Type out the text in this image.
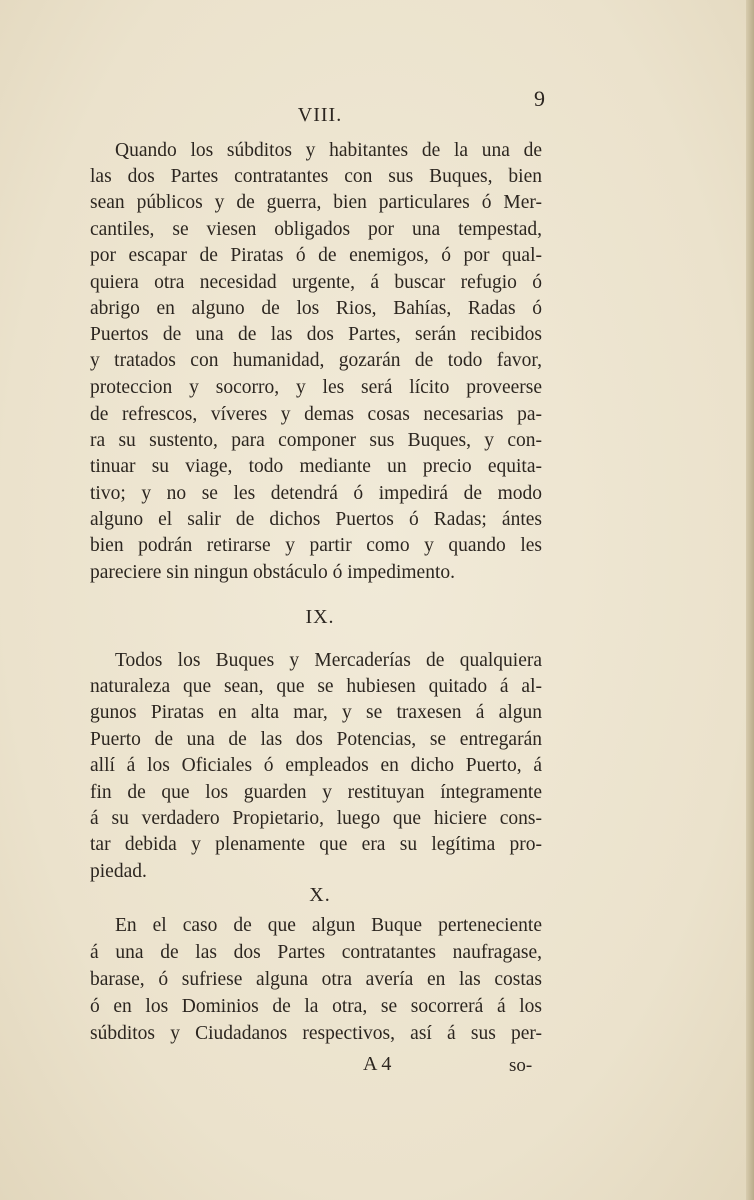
9
VIII.
Quando los súbditos y habitantes de la una de
las dos Partes contratantes con sus Buques, bien
sean públicos y de guerra, bien particulares ó Mer-
cantiles, se viesen obligados por una tempestad,
por escapar de Piratas ó de enemigos, ó por qual-
quiera otra necesidad urgente, á buscar refugio ó
abrigo en alguno de los Rios, Bahías, Radas ó
Puertos de una de las dos Partes, serán recibidos
y tratados con humanidad, gozarán de todo favor,
proteccion y socorro, y les será lícito proveerse
de refrescos, víveres y demas cosas necesarias pa-
ra su sustento, para componer sus Buques, y con-
tinuar su viage, todo mediante un precio equita-
tivo; y no se les detendrá ó impedirá de modo
alguno el salir de dichos Puertos ó Radas; ántes
bien podrán retirarse y partir como y quando les
pareciere sin ningun obstáculo ó impedimento.
IX.
Todos los Buques y Mercaderías de qualquiera
naturaleza que sean, que se hubiesen quitado á al-
gunos Piratas en alta mar, y se traxesen á algun
Puerto de una de las dos Potencias, se entregarán
allí á los Oficiales ó empleados en dicho Puerto, á
fin de que los guarden y restituyan íntegramente
á su verdadero Propietario, luego que hiciere cons-
tar debida y plenamente que era su legítima pro-
piedad.
X.
En el caso de que algun Buque perteneciente
á una de las dos Partes contratantes naufragase,
barase, ó sufriese alguna otra avería en las costas
ó en los Dominios de la otra, se socorrerá á los
súbditos y Ciudadanos respectivos, así á sus per-
A 4	so-
